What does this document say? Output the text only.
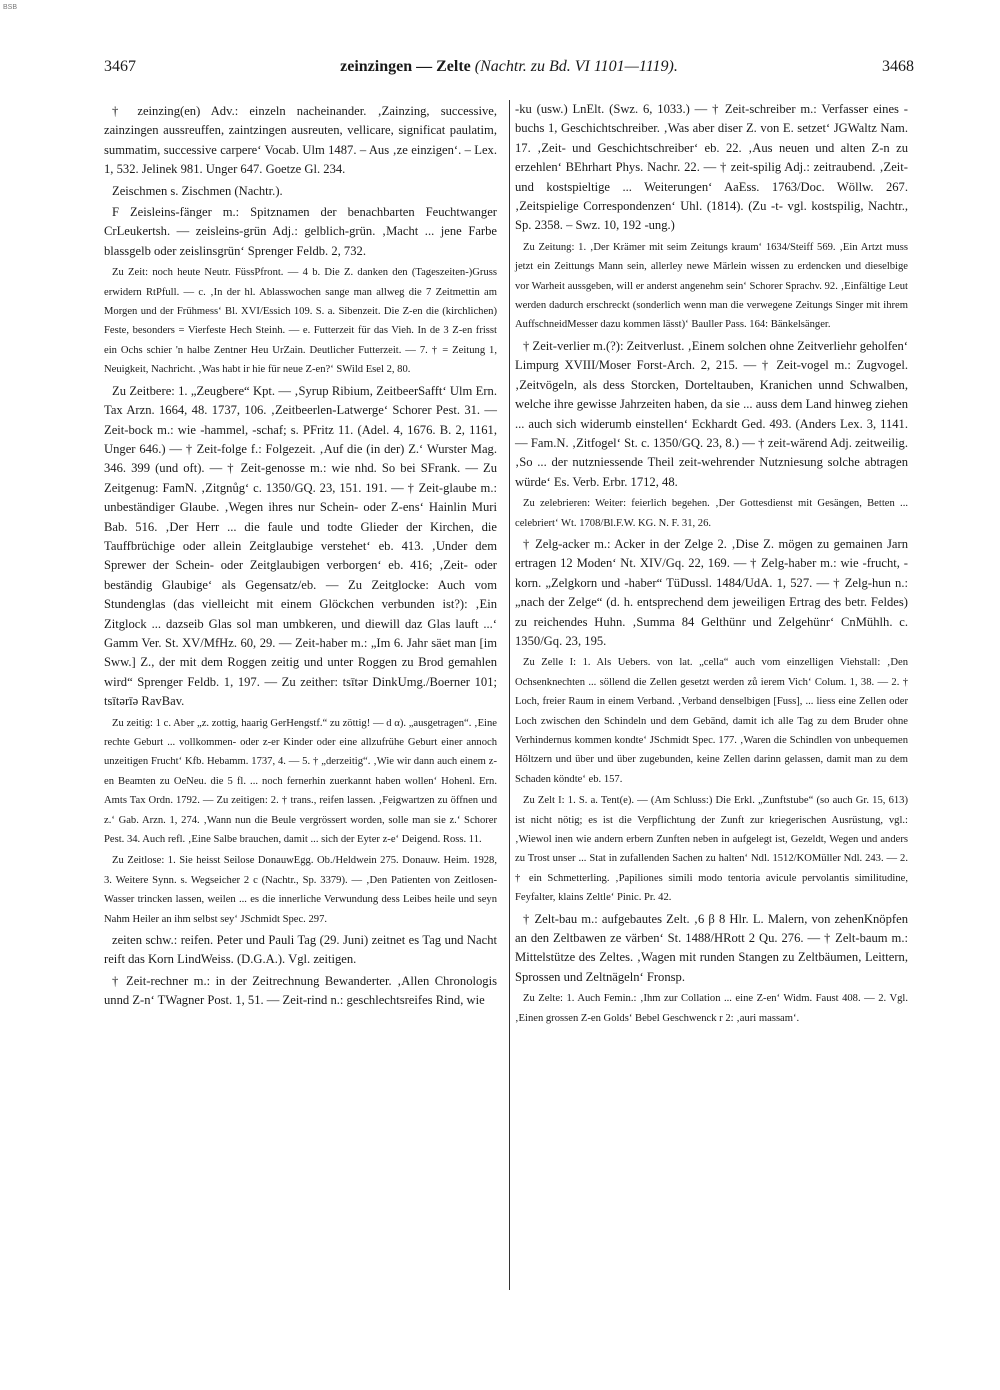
BSB
3467	zeinzingen — Zelte (Nachtr. zu Bd. VI 1101—1119).	3468

† zeinzing(en) Adv.: einzeln nacheinander. ‚Zainzing, successive, zainzingen aussreuffen, zaintzingen ausreuten, vellicare, significat paulatim, summatim, successive carpere‘ Vocab. Ulm 1487. – Aus ‚ze einzigen‘. – Lex. 1, 532. Jelinek 981. Unger 647. Goetze Gl. 234.

Zeischmen s. Zischmen (Nachtr.).

F Zeisleins-fänger m.: Spitznamen der benachbarten Feuchtwanger CrLeukertsh. — zeisleins-grün Adj.: gelblich-grün. ‚Macht ... jene Farbe blassgelb oder zeislinsgrün‘ Sprenger Feldb. 2, 732.

Zu Zeit: noch heute Neutr. FüssPfront. — 4 b. Die Z. danken den (Tageszeiten-)Gruss erwidern RtPfull. — c. ‚In der hl. Ablasswochen sange man allweg die 7 Zeitmettin am Morgen und der Frühmess‘ Bl. XVI/Essich 109. S. a. Sibenzeit. Die Z-en die (kirchlichen) Feste, besonders = Vierfeste Hech Steinh. — e. Futterzeit für das Vieh. In de 3 Z-en frisst ein Ochs schier 'n halbe Zentner Heu UrZain. Deutlicher Futterzeit. — 7. † = Zeitung 1, Neuigkeit, Nachricht. ‚Was habt ir hie für neue Z-en?‘ SWild Esel 2, 80.

Zu Zeitbere: 1. „Zeugbere“ Kpt. — ‚Syrup Ribium, ZeitbeerSafft‘ Ulm Ern. Tax Arzn. 1664, 48. 1737, 106. ‚Zeitbeerlen-Latwerge‘ Schorer Pest. 31. — Zeit-bock m.: wie -hammel, -schaf; s. PFritz 11. (Adel. 4, 1676. B. 2, 1161, Unger 646.) — † Zeit-folge f.: Folgezeit. ‚Auf die (in der) Z.‘ Wurster Mag. 346. 399 (und oft). — † Zeit-genosse m.: wie nhd. So bei SFrank. — Zu Zeitgenug: FamN. ‚Zitgnůg‘ c. 1350/GQ. 23, 151. 191. — † Zeit-glaube m.: unbeständiger Glaube. ‚Wegen ihres nur Schein- oder Z-ens‘ Hainlin Muri Bab. 516. ‚Der Herr ... die faule und todte Glieder der Kirchen, die Tauffbrüchige oder allein Zeitglaubige verstehet‘ eb. 413. ‚Under dem Sprewer der Schein- oder Zeitglaubigen verborgen‘ eb. 416; ‚Zeit- oder beständig Glaubige‘ als Gegensatz/eb. — Zu Zeitglocke: Auch vom Stundenglas (das vielleicht mit einem Glöckchen verbunden ist?): ‚Ein Zitglock ... dazseib Glas sol man umbkeren, und diewill daz Glas lauft ...‘ Gamm Ver. St. XV/MfHz. 60, 29. — Zeit-haber m.: „Im 6. Jahr säet man [im Sww.] Z., der mit dem Roggen zeitig und unter Roggen zu Brod gemahlen wird“ Sprenger Feldb. 1, 197. — Zu zeither: tsītər DinkUmg./Boerner 101; tsītərīə RavBav.

Zu zeitig: 1 c. Aber „z. zottig, haarig GerHengstf.“ zu zöttig! — d α). „ausgetragen“. ‚Eine rechte Geburt ... vollkommen- oder z-er Kinder oder eine allzufrühe Geburt einer annoch unzeitigen Frucht‘ Kfb. Hebamm. 1737, 4. — 5. † „derzeitig“. ‚Wie wir dann auch einem z-en Beamten zu OeNeu. die 5 fl. ... noch fernerhin zuerkannt haben wollen‘ Hohenl. Ern. Amts Tax Ordn. 1792. — Zu zeitigen: 2. † trans., reifen lassen. ‚Feigwartzen zu öffnen und z.‘ Gab. Arzn. 1, 274. ‚Wann nun die Beule vergrössert worden, solle man sie z.‘ Schorer Pest. 34. Auch refl. ‚Eine Salbe brauchen, damit ... sich der Eyter z-e‘ Deigend. Ross. 11.

Zu Zeitlose: 1. Sie heisst Seilose DonauwEgg. Ob./Heldwein 275. Donauw. Heim. 1928, 3. Weitere Synn. s. Wegseicher 2 c (Nachtr., Sp. 3379). — ‚Den Patienten von Zeitlosen-Wasser trincken lassen, weilen ... es die innerliche Verwundung dess Leibes heile und seyn Nahm Heiler an ihm selbst sey‘ JSchmidt Spec. 297.

zeiten schw.: reifen. Peter und Pauli Tag (29. Juni) zeitnet es Tag und Nacht reift das Korn LindWeiss. (D.G.A.). Vgl. zeitigen.

† Zeit-rechner m.: in der Zeitrechnung Bewanderter. ‚Allen Chronologis unnd Z-n‘ TWagner Post. 1, 51. — Zeit-rind n.: geschlechtsreifes Rind, wie

-ku (usw.) LnElt. (Swz. 6, 1033.) — † Zeit-schreiber m.: Verfasser eines -buchs 1, Geschichtschreiber. ‚Was aber diser Z. von E. setzet‘ JGWaltz Nam. 17. ‚Zeit- und Geschichtschreiber‘ eb. 22. ‚Aus neuen und alten Z-n zu erzehlen‘ BEhrhart Phys. Nachr. 22. — † zeit-spilig Adj.: zeitraubend. ‚Zeit- und kostspieltige ... Weiterungen‘ AaEss. 1763/Doc. Wöllw. 267. ‚Zeitspielige Correspondenzen‘ Uhl. (1814). (Zu -t- vgl. kostspilig, Nachtr., Sp. 2358. – Swz. 10, 192 -ung.)

Zu Zeitung: 1. ‚Der Krämer mit seim Zeitungs kraum‘ 1634/Steiff 569. ‚Ein Artzt muss jetzt ein Zeittungs Mann sein, allerley newe Märlein wissen zu erdencken und dieselbige vor Warheit aussgeben, will er anderst angenehm sein‘ Schorer Sprachv. 92. ‚Einfältige Leut werden dadurch erschreckt (sonderlich wenn man die verwegene Zeitungs Singer mit ihrem AuffschneidMesser dazu kommen lässt)‘ Bauller Pass. 164: Bänkelsänger.

† Zeit-verlier m.(?): Zeitverlust. ‚Einem solchen ohne Zeitverliehr geholfen‘ Limpurg XVIII/Moser Forst-Arch. 2, 215. — † Zeit-vogel m.: Zugvogel. ‚Zeitvögeln, als dess Storcken, Dorteltauben, Kranichen unnd Schwalben, welche ihre gewisse Jahrzeiten haben, da sie ... auss dem Land hinweg ziehen ... auch sich widerumb einstellen‘ Eckhardt Ged. 493. (Anders Lex. 3, 1141. — Fam.N. ‚Zitfogel‘ St. c. 1350/GQ. 23, 8.) — † zeit-wärend Adj. zeitweilig. ‚So ... der nutzniessende Theil zeit-wehrender Nutzniesung solche abtragen würde‘ Es. Verb. Erbr. 1712, 48.

Zu zelebrieren: Weiter: feierlich begehen. ‚Der Gottesdienst mit Gesängen, Betten ... celebriert‘ Wt. 1708/Bl.F.W. KG. N. F. 31, 26.

† Zelg-acker m.: Acker in der Zelge 2. ‚Dise Z. mögen zu gemainen Jarn ertragen 12 Moden‘ Nt. XIV/Gq. 22, 169. — † Zelg-haber m.: wie -frucht, -korn. „Zelgkorn und -haber“ TüDussl. 1484/UdA. 1, 527. — † Zelg-hun n.: „nach der Zelge“ (d. h. entsprechend dem jeweiligen Ertrag des betr. Feldes) zu reichendes Huhn. ‚Summa 84 Gelthünr und Zelgehünr‘ CnMühlh. c. 1350/Gq. 23, 195.

Zu Zelle I: 1. Als Uebers. von lat. „cella“ auch vom einzelligen Viehstall: ‚Den Ochsenknechten ... söllend die Zellen gesetzt werden zů ierem Vich‘ Colum. 1, 38. — 2. † Loch, freier Raum in einem Verband. ‚Verband denselbigen [Fuss], ... liess eine Zellen oder Loch zwischen den Schindeln und dem Gebänd, damit ich alle Tag zu dem Bruder ohne Verhindernus kommen kondte‘ JSchmidt Spec. 177. ‚Waren die Schindlen von unbequemen Höltzern und über und über zugebunden, keine Zellen darinn gelassen, damit man zu dem Schaden köndte‘ eb. 157.

Zu Zelt I: 1. S. a. Tent(e). — (Am Schluss:) Die Erkl. „Zunftstube“ (so auch Gr. 15, 613) ist nicht nötig; es ist die Verpflichtung der Zunft zur kriegerischen Ausrüstung, vgl.: ‚Wiewol inen wie andern erbern Zunften neben in aufgelegt ist, Gezeldt, Wegen und anders zu Trost unser ... Stat in zufallenden Sachen zu halten‘ Ndl. 1512/KOMüller Ndl. 243. — 2. † ein Schmetterling. ‚Papiliones simili modo tentoria avicule pervolantis similitudine, Feyfalter, klains Zeltle‘ Pinic. Pr. 42.

† Zelt-bau m.: aufgebautes Zelt. ‚6 β 8 Hlr. L. Malern, von zehenKnöpfen an den Zeltbawen ze värben‘ St. 1488/HRott 2 Qu. 276. — † Zelt-baum m.: Mittelstütze des Zeltes. ‚Wagen mit runden Stangen zu Zeltbäumen, Leittern, Sprossen und Zeltnägeln‘ Fronsp.

Zu Zelte: 1. Auch Femin.: ‚Ihm zur Collation ... eine Z-en‘ Widm. Faust 408. — 2. Vgl. ‚Einen grossen Z-en Golds‘ Bebel Geschwenck r 2: ‚auri massam‘.
